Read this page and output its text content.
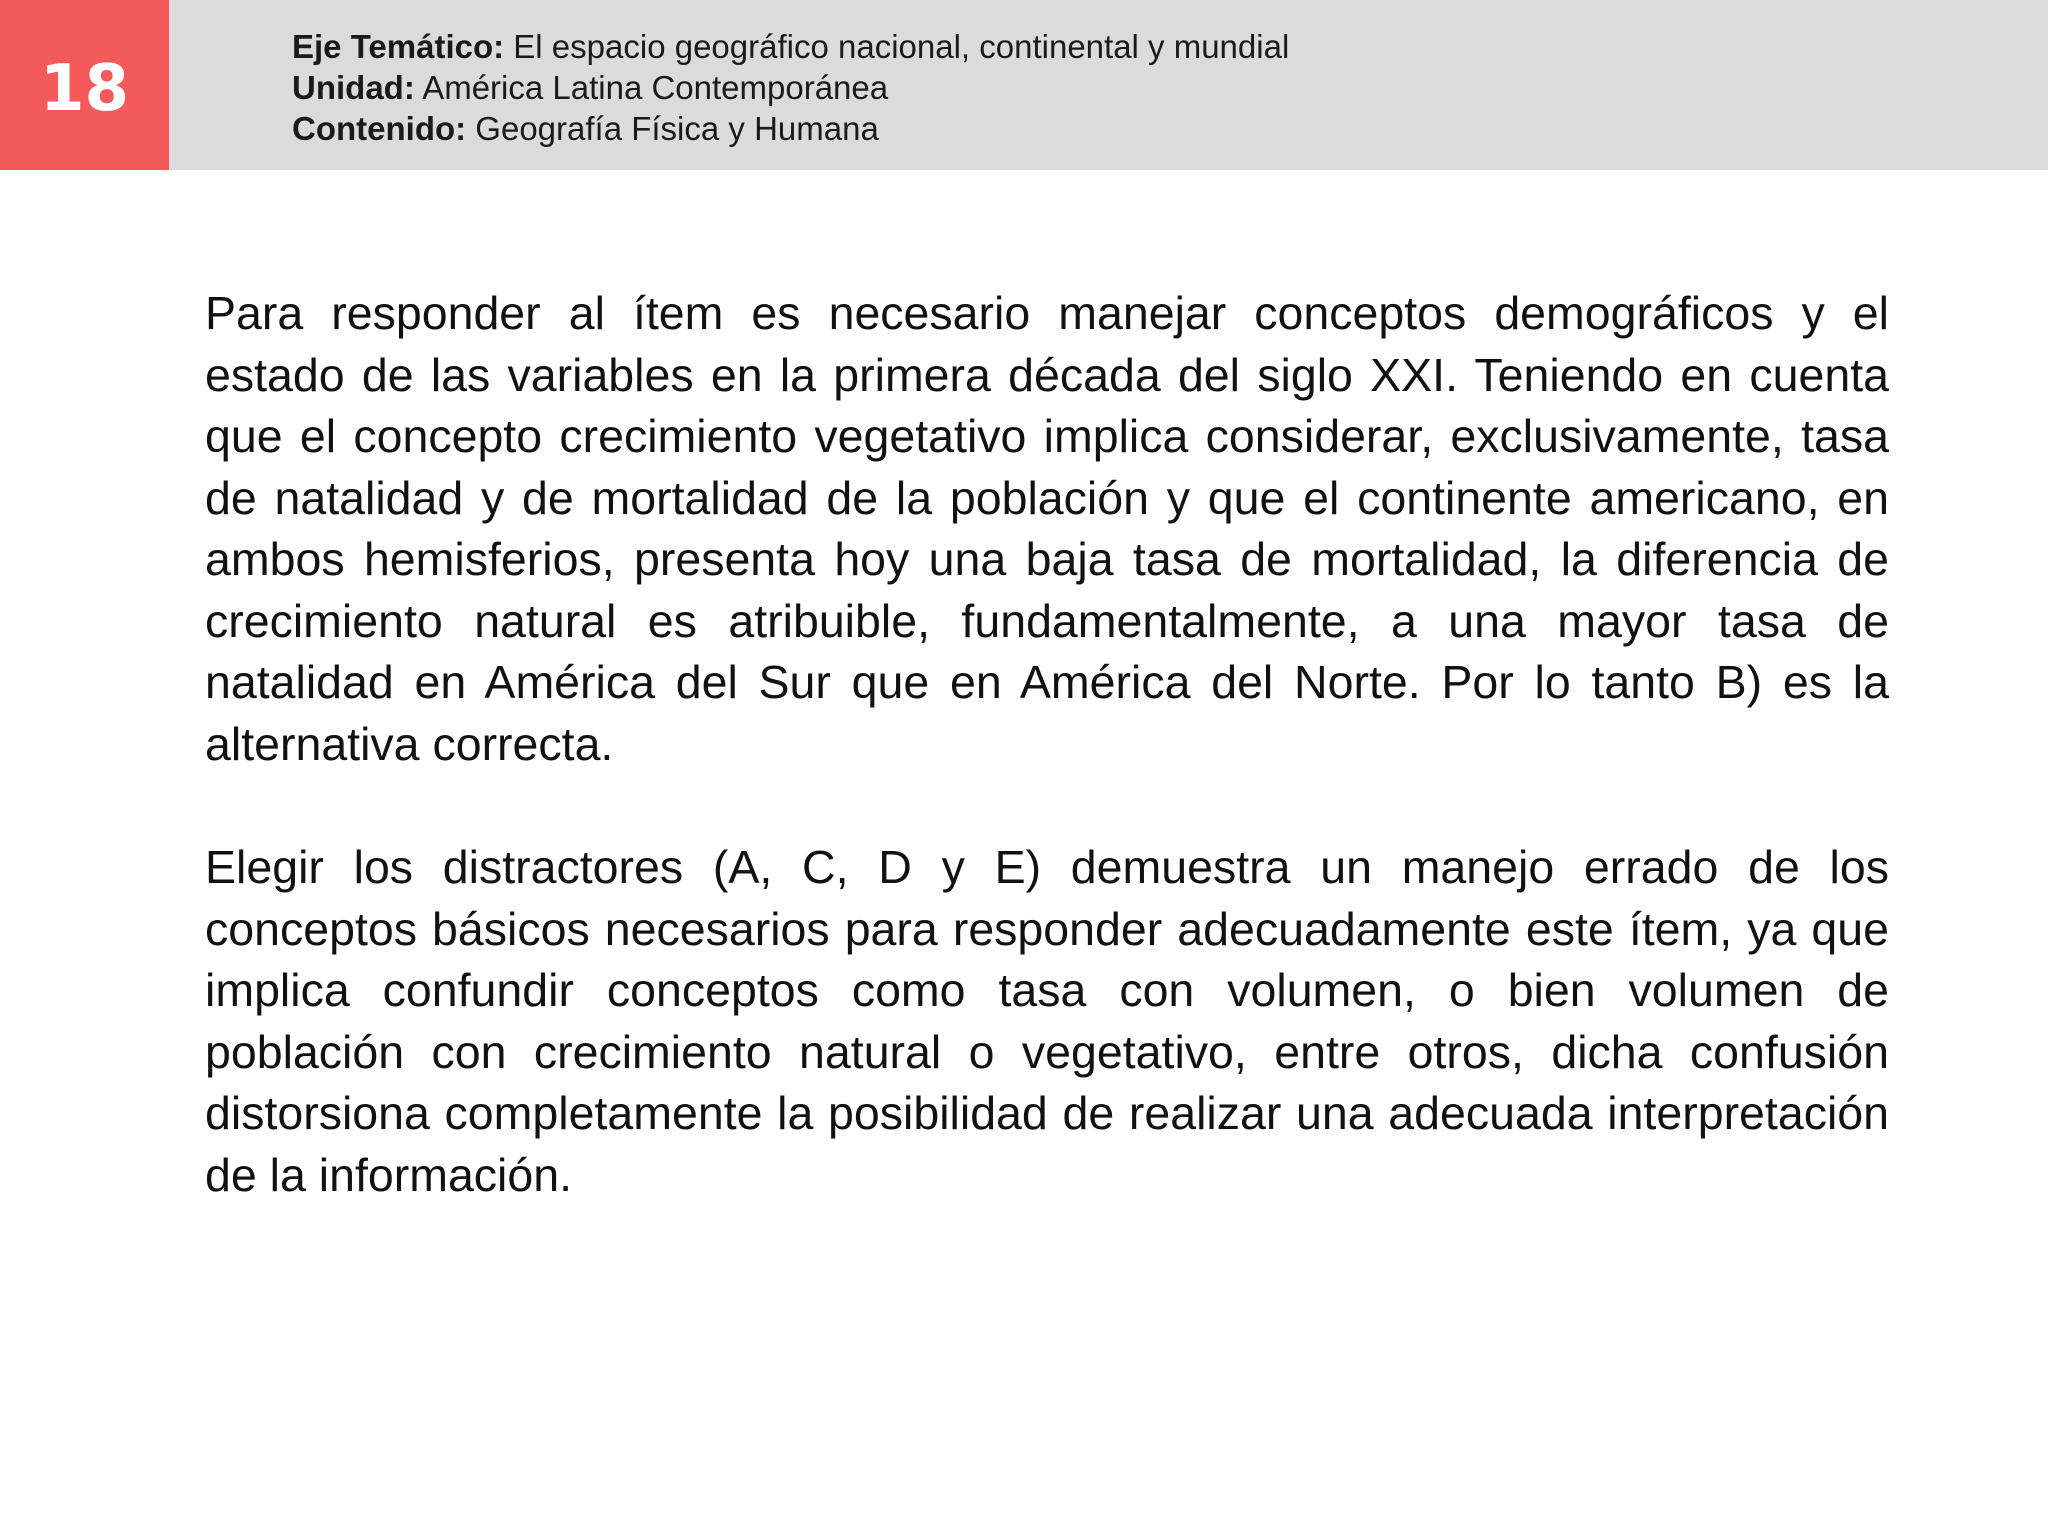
18
Eje Temático: El espacio geográfico nacional, continental y mundial
Unidad: América Latina Contemporánea
Contenido: Geografía Física y Humana

Para responder al ítem es necesario manejar conceptos demográficos y el estado de las variables en la primera década del siglo XXI. Teniendo en cuenta que el concepto crecimiento vegetativo implica considerar, exclusivamente, tasa de natalidad y de mortalidad de la población y que el continente americano, en ambos hemisferios, presenta hoy una baja tasa de mortalidad, la diferencia de crecimiento natural es atribuible, fundamentalmente, a una mayor tasa de natalidad en América del Sur que en América del Norte. Por lo tanto B) es la alternativa correcta.

Elegir los distractores (A, C, D y E) demuestra un manejo errado de los conceptos básicos necesarios para responder adecuadamente este ítem, ya que implica confundir conceptos como tasa con volumen, o bien volumen de población con crecimiento natural o vegetativo, entre otros, dicha confusión distorsiona completamente la posibilidad de realizar una adecuada interpretación de la información.
